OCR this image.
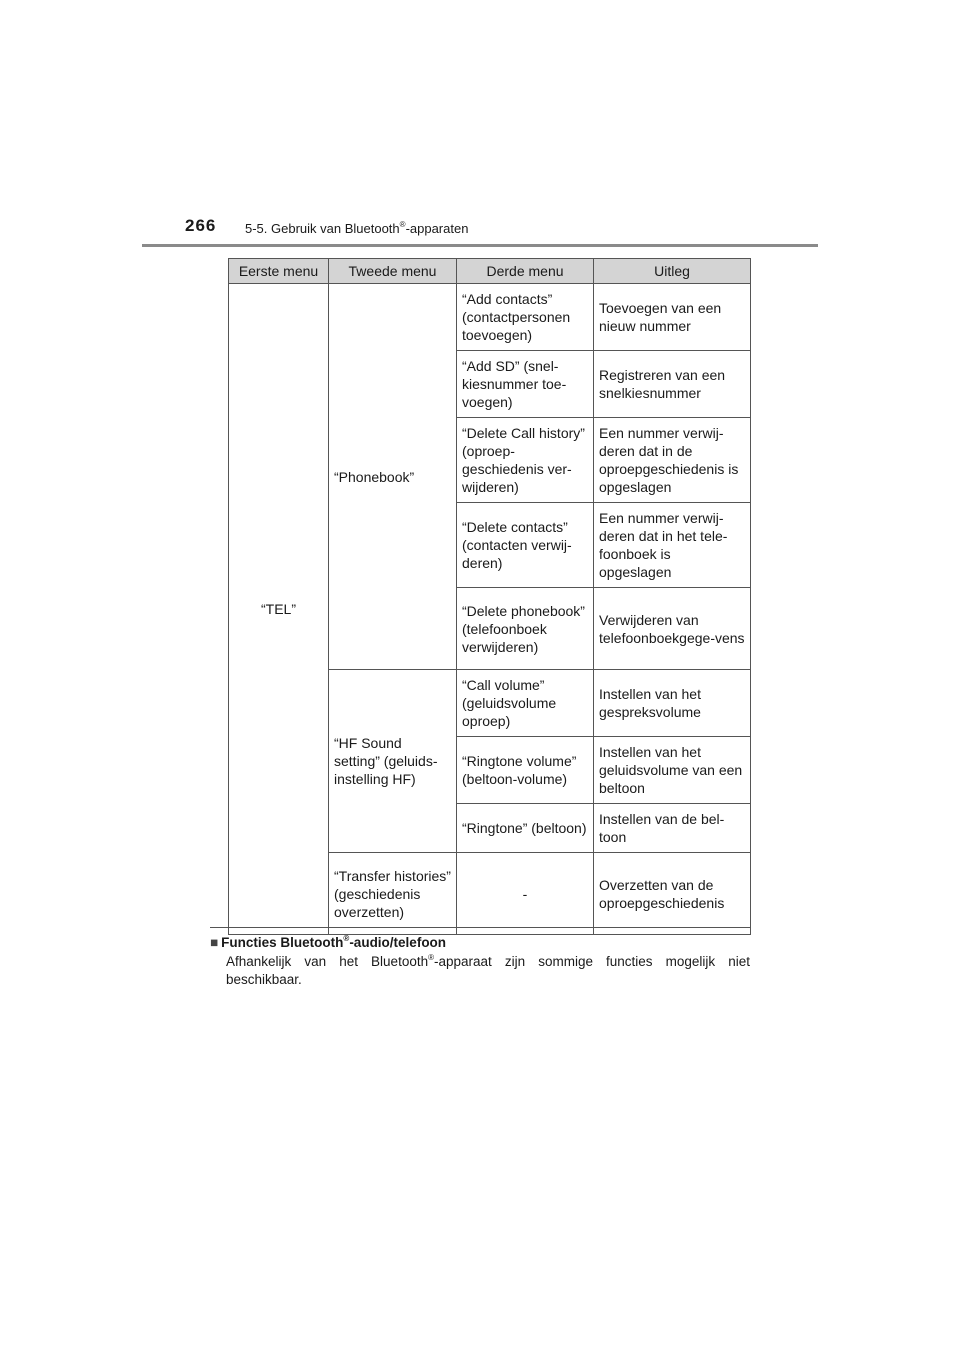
266 5-5. Gebruik van Bluetooth®-apparaten
Eerste menu	Tweede menu	Derde menu	Uitleg
“TEL”	“Phonebook”	“Add contacts” (contactpersonen toevoegen)	Toevoegen van een nieuw nummer
		“Add SD” (snel-kiesnummer toe-voegen)	Registreren van een snelkiesnummer
		“Delete Call history” (oproep-geschiedenis ver-wijderen)	Een nummer verwij-deren dat in de oproepgeschiedenis is opgeslagen
		“Delete contacts” (contacten verwij-deren)	Een nummer verwij-deren dat in het tele-foonboek is opgeslagen
		“Delete phonebook” (telefoonboek verwijderen)	Verwijderen van telefoonboekgege-vens
	“HF Sound setting” (geluids-instelling HF)	“Call volume” (geluidsvolume oproep)	Instellen van het gespreksvolume
		“Ringtone volume” (beltoon-volume)	Instellen van het geluidsvolume van een beltoon
		“Ringtone” (beltoon)	Instellen van de bel-toon
	“Transfer histories” (geschiedenis overzetten)	-	Overzetten van de oproepgeschiedenis
■ Functies Bluetooth®-audio/telefoon
Afhankelijk van het Bluetooth®-apparaat zijn sommige functies mogelijk niet beschikbaar.
